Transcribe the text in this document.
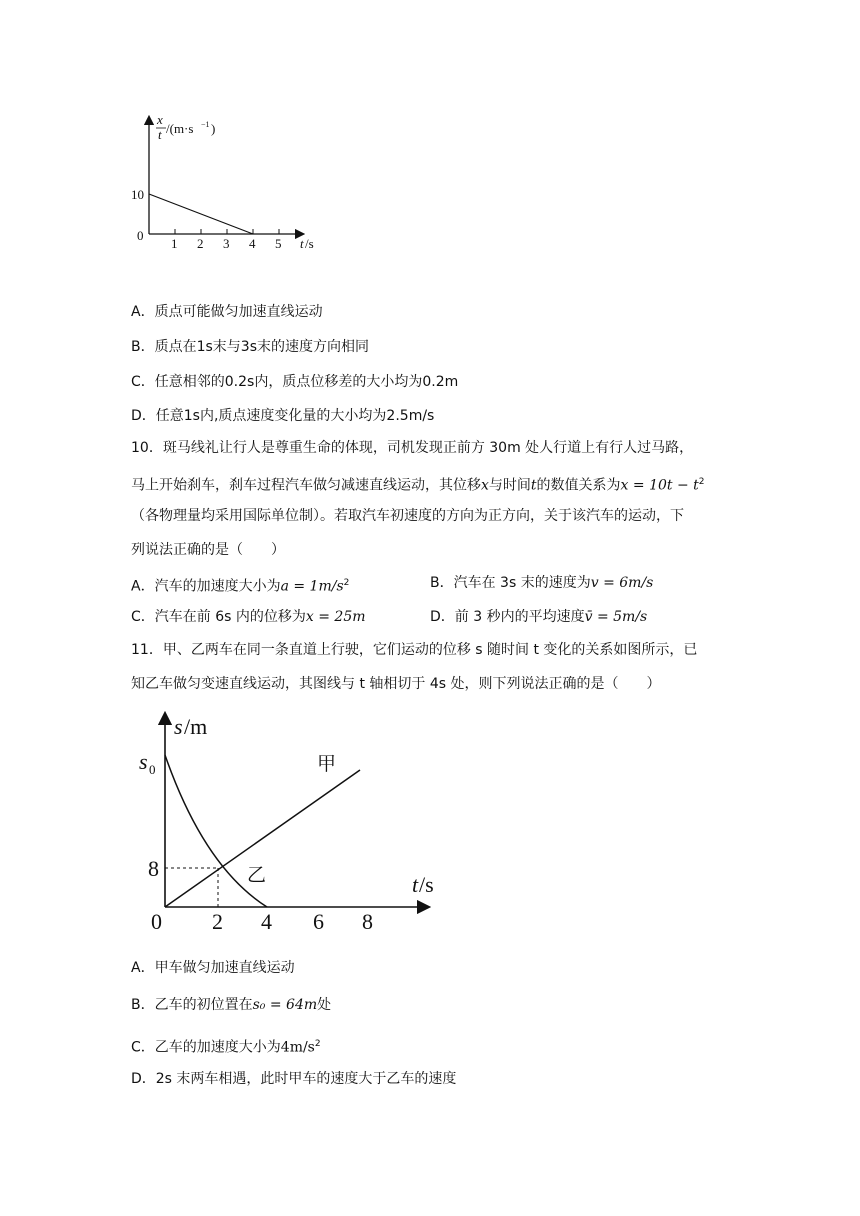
x
t /(m·s −1 )
10
0
1 2 3 4 5 t /s
A．质点可能做匀加速直线运动
B．质点在1s末与3s末的速度方向相同
C．任意相邻的0.2s内，质点位移差的大小均为0.2m
D．任意1s内,质点速度变化量的大小均为2.5m/s
10．斑马线礼让行人是尊重生命的体现，司机发现正前方 30m 处人行道上有行人过马路，
马上开始刹车，刹车过程汽车做匀减速直线运动，其位移x与时间t的数值关系为$x = 10t - t^2$
（各物理量均采用国际单位制）。若取汽车初速度的方向为正方向，关于该汽车的运动，下
列说法正确的是（　　）
A．汽车的加速度大小为$a = 1m/s^2$	B．汽车在 3s 末的速度为v = 6m/s
C．汽车在前 6s 内的位移为x = 25m	D．前 3 秒内的平均速度v̄ = 5m/s
11．甲、乙两车在同一条直道上行驶，它们运动的位移 s 随时间 t 变化的关系如图所示，已
知乙车做匀变速直线运动，其图线与 t 轴相切于 4s 处，则下列说法正确的是（　　）
s /m
s 0
8
t /s
0 2 4 6 8
甲
乙
A．甲车做匀加速直线运动
B．乙车的初位置在s₀ = 64m处
C．乙车的加速度大小为$4m/s^2$
D．2s 末两车相遇，此时甲车的速度大于乙车的速度
